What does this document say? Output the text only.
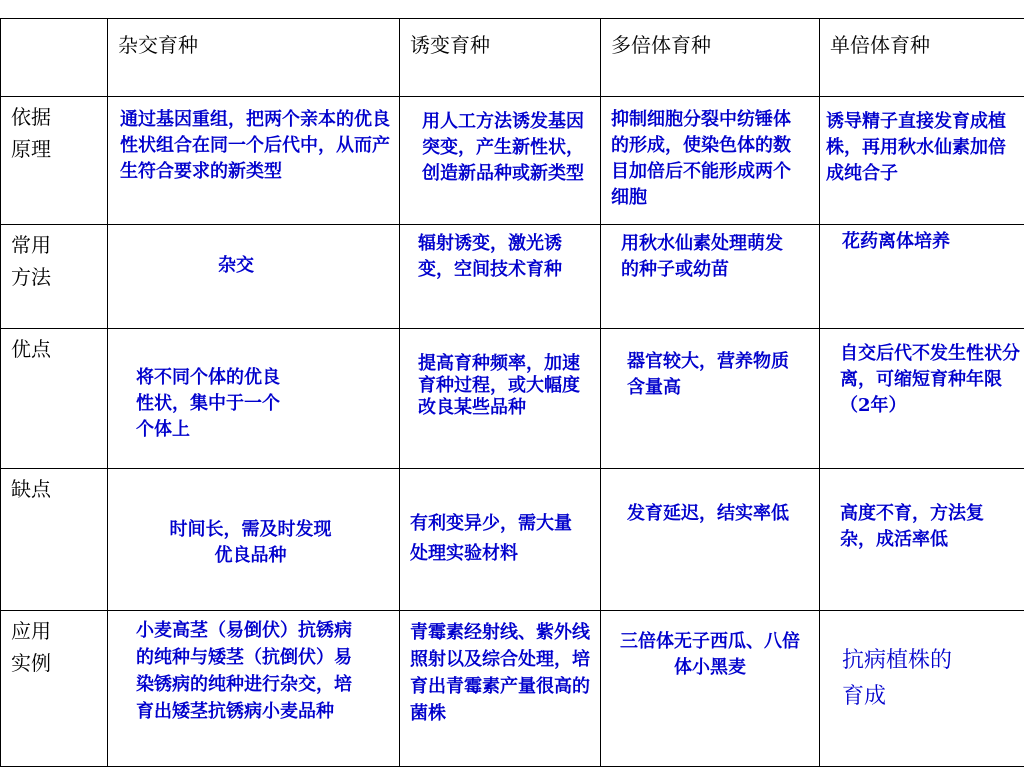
	杂交育种	诱变育种	多倍体育种	单倍体育种

依据
原理	通过基因重组，把两个亲本的优良性状组合在同一个后代中，从而产生符合要求的新类型	用人工方法诱发基因突变，产生新性状，创造新品种或新类型	抑制细胞分裂中纺锤体的形成，使染色体的数目加倍后不能形成两个细胞	诱导精子直接发育成植株，再用秋水仙素加倍成纯合子

常用
方法	杂交	辐射诱变，激光诱变，空间技术育种	用秋水仙素处理萌发的种子或幼苗	花药离体培养

优点	将不同个体的优良性状，集中于一个个体上	提高育种频率，加速育种过程，或大幅度改良某些品种	器官较大，营养物质含量高	自交后代不发生性状分离，可缩短育种年限（2年）

缺点	时间长，需及时发现优良品种	有利变异少，需大量处理实验材料	发育延迟，结实率低	高度不育，方法复杂，成活率低

应用
实例	小麦高茎（易倒伏）抗锈病的纯种与矮茎（抗倒伏）易染锈病的纯种进行杂交，培育出矮茎抗锈病小麦品种	青霉素经射线、紫外线照射以及综合处理，培育出青霉素产量很高的菌株	三倍体无子西瓜、八倍体小黑麦	抗病植株的育成
